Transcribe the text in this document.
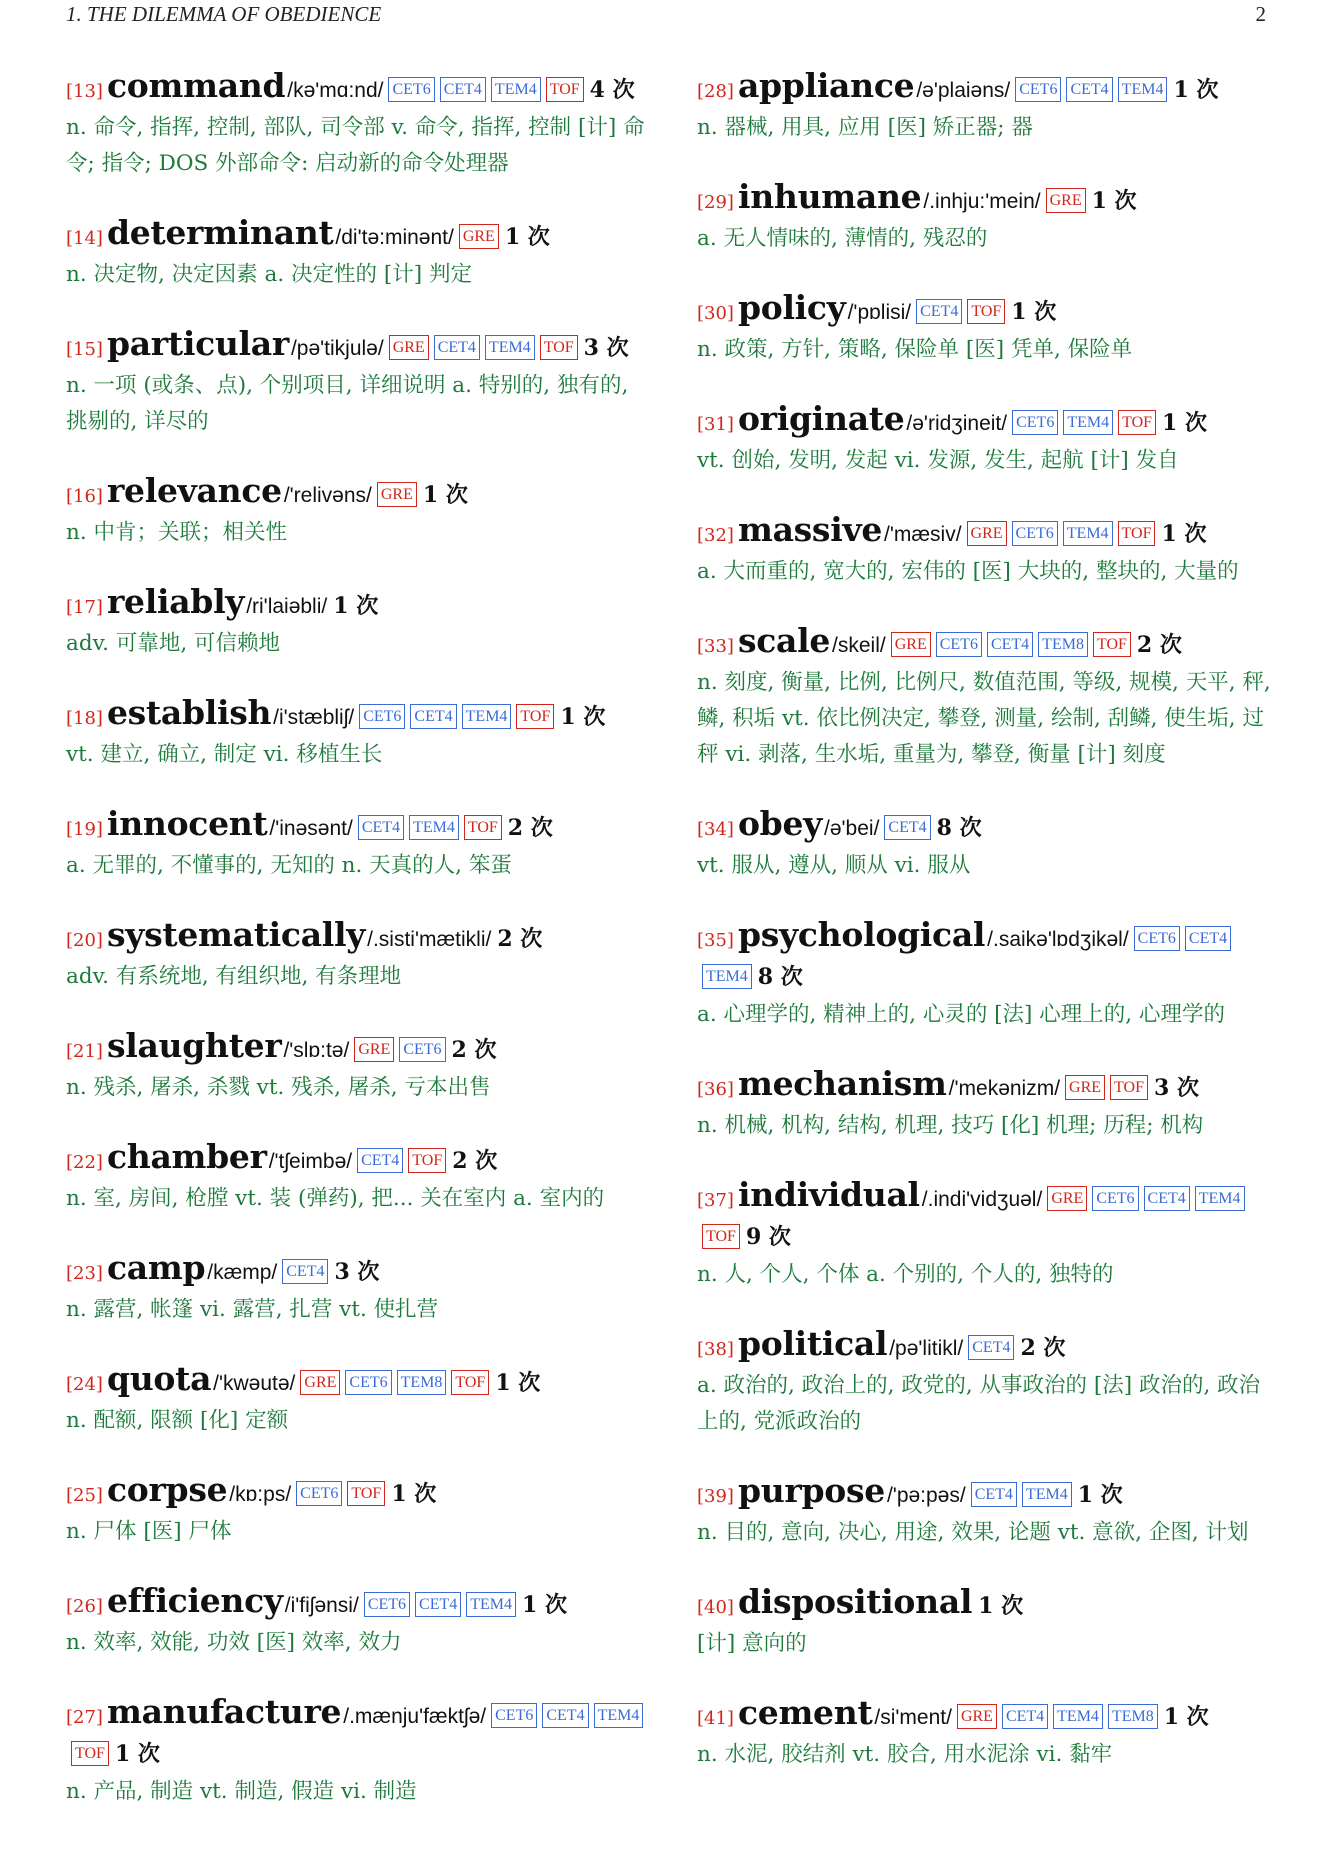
1. THE DILEMMA OF OBEDIENCE	2
[13] command/kə'mɑ:nd/ CET6 CET4 TEM4 TOF 4 次
n. 命令, 指挥, 控制, 部队, 司令部 v. 命令, 指挥, 控制 [计] 命令; 指令; DOS 外部命令: 启动新的命令处理器
[14] determinant/di'tə:minənt/ GRE 1 次
n. 决定物, 决定因素 a. 决定性的 [计] 判定
[15] particular/pə'tikjulə/ GRE CET4 TEM4 TOF 3 次
n. 一项 (或条、点), 个别项目, 详细说明 a. 特别的, 独有的, 挑剔的, 详尽的
[16] relevance/'relivəns/ GRE 1 次
n. 中肯；关联；相关性
[17] reliably/ri'laiəbli/ 1 次
adv. 可靠地, 可信赖地
[18] establish/i'stæbliʃ/ CET6 CET4 TEM4 TOF 1 次
vt. 建立, 确立, 制定 vi. 移植生长
[19] innocent/'inəsənt/ CET4 TEM4 TOF 2 次
a. 无罪的, 不懂事的, 无知的 n. 天真的人, 笨蛋
[20] systematically/.sisti'mætikli/ 2 次
adv. 有系统地, 有组织地, 有条理地
[21] slaughter/'slɒ:tə/ GRE CET6 2 次
n. 残杀, 屠杀, 杀戮 vt. 残杀, 屠杀, 亏本出售
[22] chamber/'tʃeimbə/ CET4 TOF 2 次
n. 室, 房间, 枪膛 vt. 装 (弹药), 把... 关在室内 a. 室内的
[23] camp/kæmp/ CET4 3 次
n. 露营, 帐篷 vi. 露营, 扎营 vt. 使扎营
[24] quota/'kwəutə/ GRE CET6 TEM8 TOF 1 次
n. 配额, 限额 [化] 定额
[25] corpse/kɒ:ps/ CET6 TOF 1 次
n. 尸体 [医] 尸体
[26] efficiency/i'fiʃənsi/ CET6 CET4 TEM4 1 次
n. 效率, 效能, 功效 [医] 效率, 效力
[27] manufacture/.mænju'fæktʃə/ CET6 CET4 TEM4TOF 1 次
n. 产品, 制造 vt. 制造, 假造 vi. 制造
[28] appliance/ə'plaiəns/ CET6 CET4 TEM4 1 次
n. 器械, 用具, 应用 [医] 矫正器; 器
[29] inhumane/.inhju:'mein/ GRE 1 次
a. 无人情味的, 薄情的, 残忍的
[30] policy/'pɒlisi/ CET4 TOF 1 次
n. 政策, 方针, 策略, 保险单 [医] 凭单, 保险单
[31] originate/ə'ridʒineit/ CET6 TEM4 TOF 1 次
vt. 创始, 发明, 发起 vi. 发源, 发生, 起航 [计] 发自
[32] massive/'mæsiv/ GRE CET6 TEM4 TOF 1 次
a. 大而重的, 宽大的, 宏伟的 [医] 大块的, 整块的, 大量的
[33] scale/skeil/ GRE CET6 CET4 TEM8 TOF 2 次
n. 刻度, 衡量, 比例, 比例尺, 数值范围, 等级, 规模, 天平, 秤, 鳞, 积垢 vt. 依比例决定, 攀登, 测量, 绘制, 刮鳞, 使生垢, 过秤 vi. 剥落, 生水垢, 重量为, 攀登, 衡量 [计] 刻度
[34] obey/ə'bei/ CET4 8 次
vt. 服从, 遵从, 顺从 vi. 服从
[35] psychological/.saikə'lɒdʒikəl/ CET6 CET4TEM4 8 次
a. 心理学的, 精神上的, 心灵的 [法] 心理上的, 心理学的
[36] mechanism/'mekənizm/ GRE TOF 3 次
n. 机械, 机构, 结构, 机理, 技巧 [化] 机理; 历程; 机构
[37] individual/.indi'vidʒuəl/ GRE CET6 CET4 TEM4TOF 9 次
n. 人, 个人, 个体 a. 个别的, 个人的, 独特的
[38] political/pə'litikl/ CET4 2 次
a. 政治的, 政治上的, 政党的, 从事政治的 [法] 政治的, 政治上的, 党派政治的
[39] purpose/'pə:pəs/ CET4 TEM4 1 次
n. 目的, 意向, 决心, 用途, 效果, 论题 vt. 意欲, 企图, 计划
[40] dispositional 1 次
[计] 意向的
[41] cement/si'ment/ GRE CET4 TEM4 TEM8 1 次
n. 水泥, 胶结剂 vt. 胶合, 用水泥涂 vi. 黏牢
